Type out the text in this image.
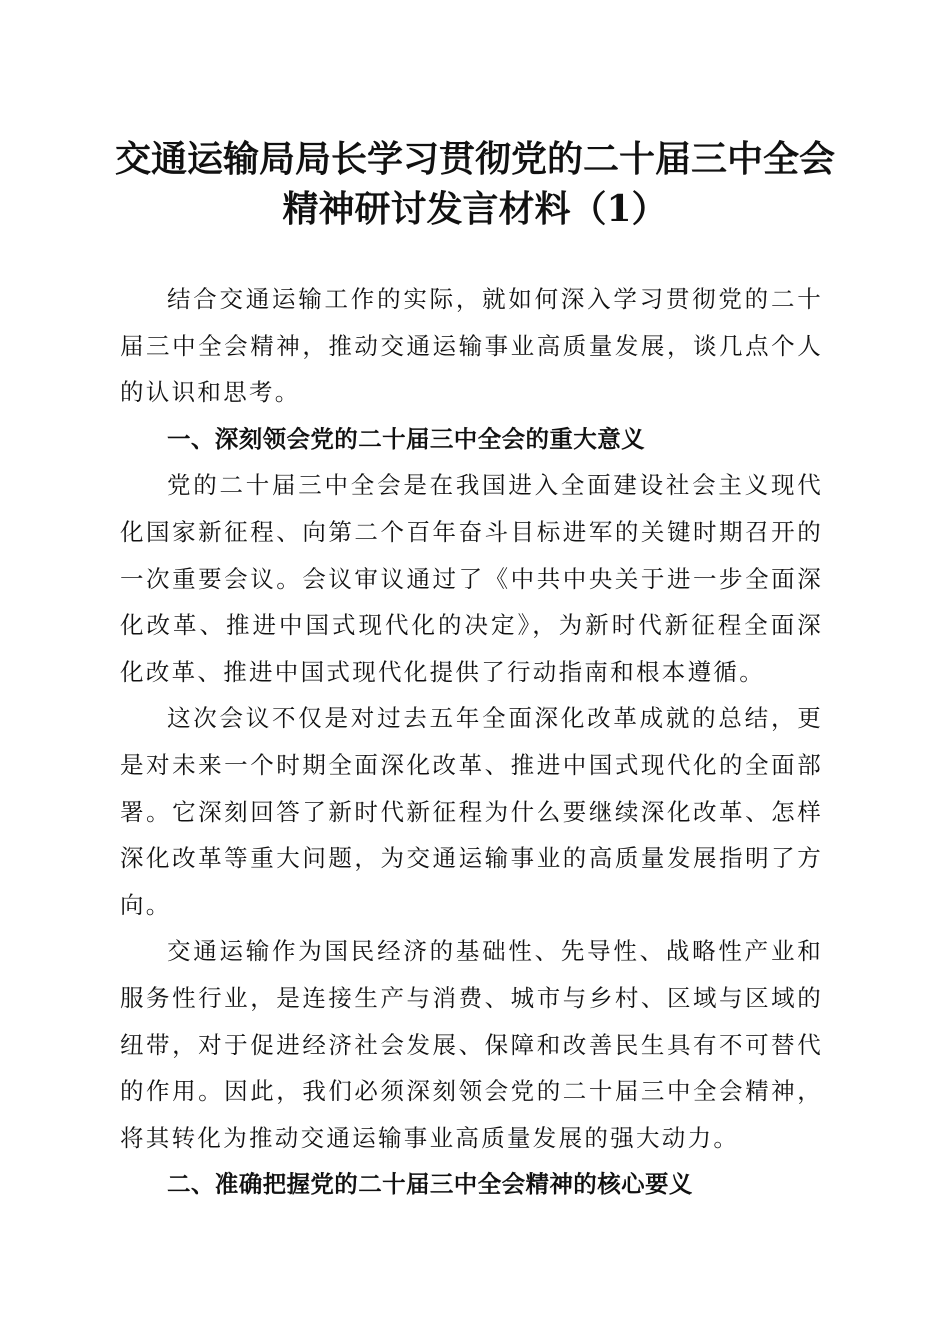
交通运输局局长学习贯彻党的二十届三中全会
精神研讨发言材料（1）

结合交通运输工作的实际，就如何深入学习贯彻党的二十届三中全会精神，推动交通运输事业高质量发展，谈几点个人的认识和思考。

一、深刻领会党的二十届三中全会的重大意义

党的二十届三中全会是在我国进入全面建设社会主义现代化国家新征程、向第二个百年奋斗目标进军的关键时期召开的一次重要会议。会议审议通过了《中共中央关于进一步全面深化改革、推进中国式现代化的决定》，为新时代新征程全面深化改革、推进中国式现代化提供了行动指南和根本遵循。

这次会议不仅是对过去五年全面深化改革成就的总结，更是对未来一个时期全面深化改革、推进中国式现代化的全面部署。它深刻回答了新时代新征程为什么要继续深化改革、怎样深化改革等重大问题，为交通运输事业的高质量发展指明了方向。

交通运输作为国民经济的基础性、先导性、战略性产业和服务性行业，是连接生产与消费、城市与乡村、区域与区域的纽带，对于促进经济社会发展、保障和改善民生具有不可替代的作用。因此，我们必须深刻领会党的二十届三中全会精神，将其转化为推动交通运输事业高质量发展的强大动力。

二、准确把握党的二十届三中全会精神的核心要义
